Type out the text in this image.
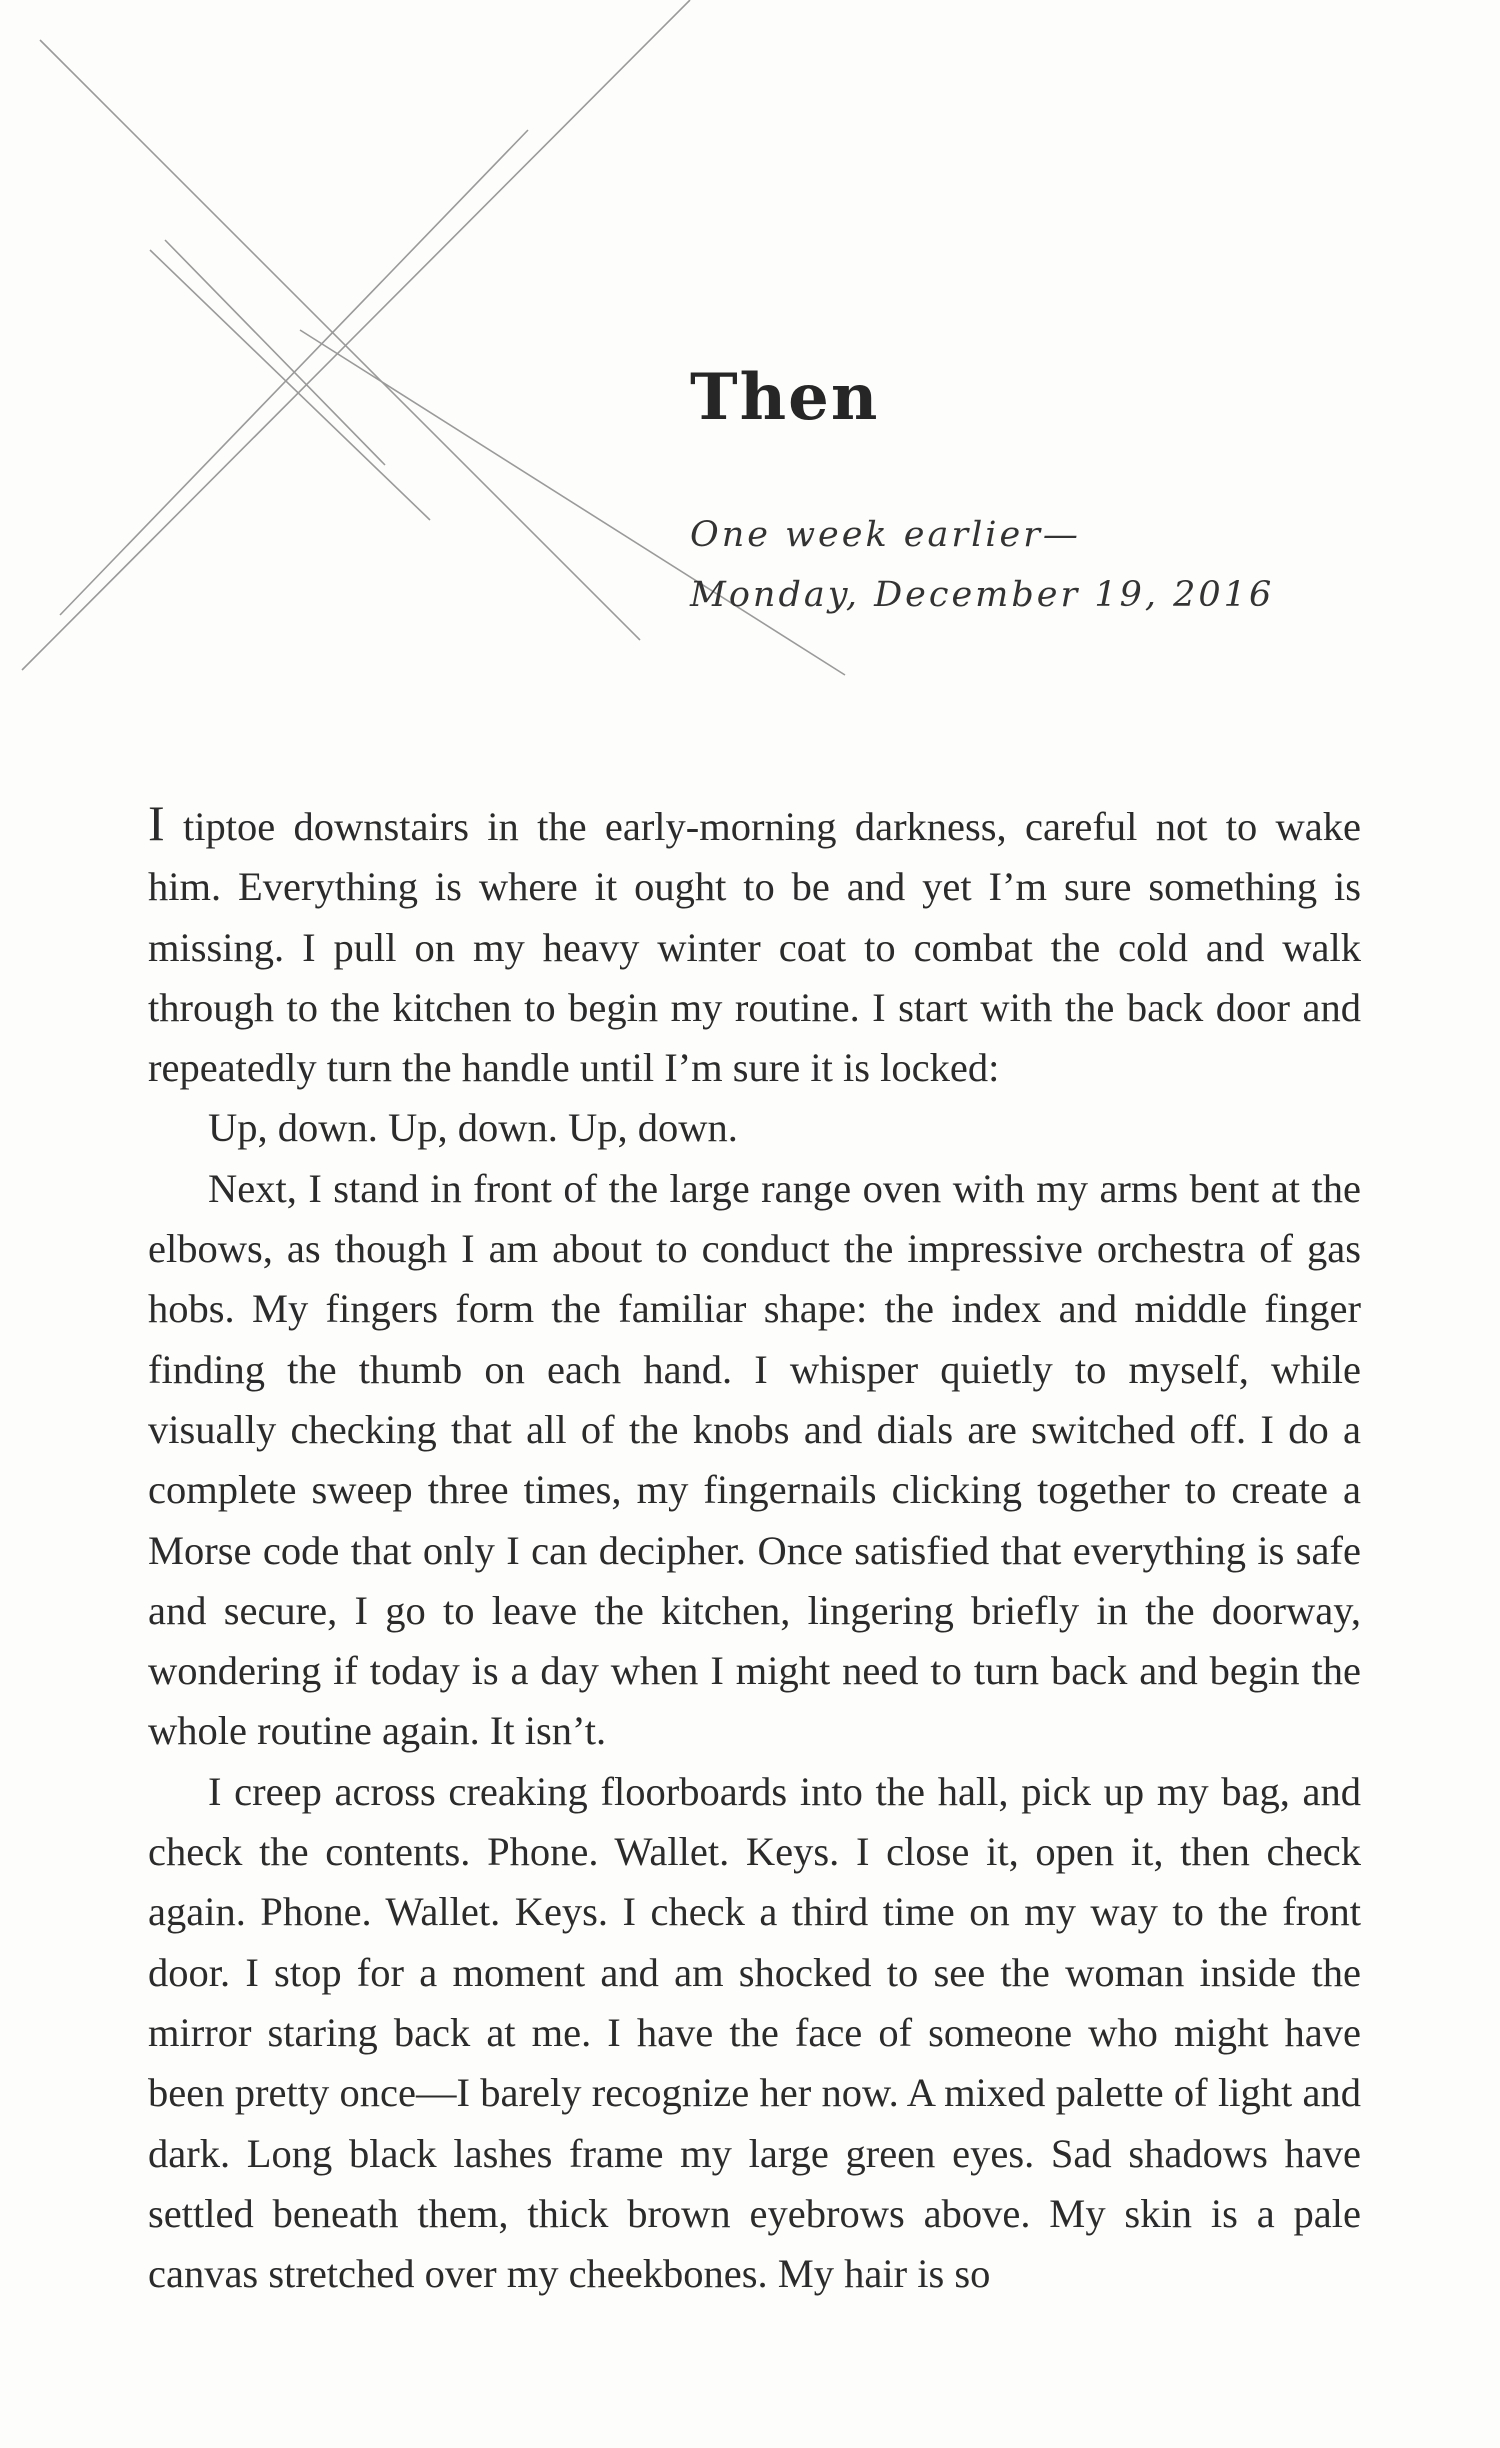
Then
One week earlier—
Monday, December 19, 2016

I tiptoe downstairs in the early-morning darkness, careful not to wake him. Everything is where it ought to be and yet I’m sure something is missing. I pull on my heavy winter coat to combat the cold and walk through to the kitchen to begin my routine. I start with the back door and repeatedly turn the handle until I’m sure it is locked:

Up, down. Up, down. Up, down.

Next, I stand in front of the large range oven with my arms bent at the elbows, as though I am about to conduct the impressive orchestra of gas hobs. My fingers form the familiar shape: the index and middle finger finding the thumb on each hand. I whisper quietly to myself, while visually checking that all of the knobs and dials are switched off. I do a complete sweep three times, my fingernails clicking together to create a Morse code that only I can decipher. Once satisfied that everything is safe and secure, I go to leave the kitchen, lingering briefly in the doorway, wondering if today is a day when I might need to turn back and begin the whole routine again. It isn’t.

I creep across creaking floorboards into the hall, pick up my bag, and check the contents. Phone. Wallet. Keys. I close it, open it, then check again. Phone. Wallet. Keys. I check a third time on my way to the front door. I stop for a moment and am shocked to see the woman inside the mirror staring back at me. I have the face of someone who might have been pretty once—I barely recognize her now. A mixed palette of light and dark. Long black lashes frame my large green eyes. Sad shadows have settled beneath them, thick brown eyebrows above. My skin is a pale canvas stretched over my cheekbones. My hair is so
